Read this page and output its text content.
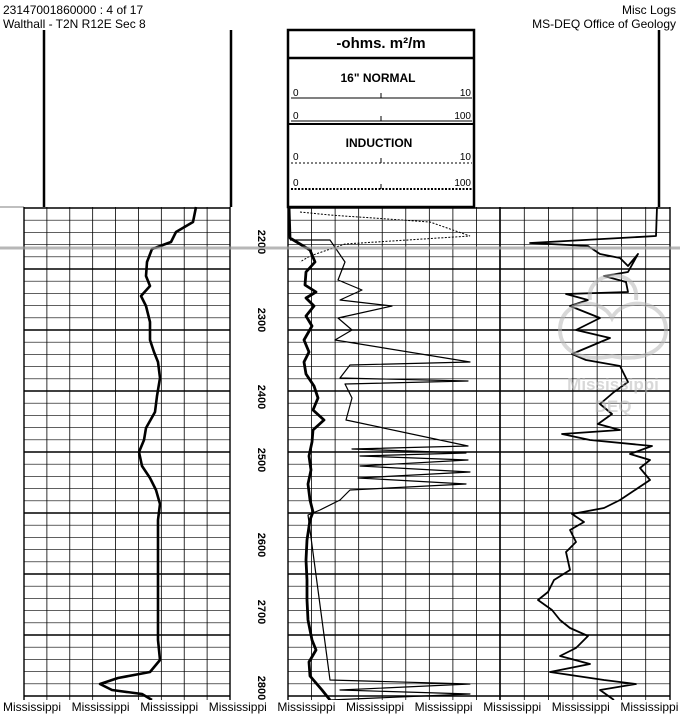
23147001860000 : 4 of 17
Walthall - T2N R12E Sec 8
Misc Logs
MS-DEQ Office of Geology
-ohms. m²/m
16" NORMAL
0	10
0	100
INDUCTION
0	10
0	100
2200
2300
2400
2500
2600
2700
2800
Mississippi
DEQ
Mississippi Mississippi Mississippi Mississippi Mississippi Mississippi Mississippi Mississippi Mississippi Mississippi
